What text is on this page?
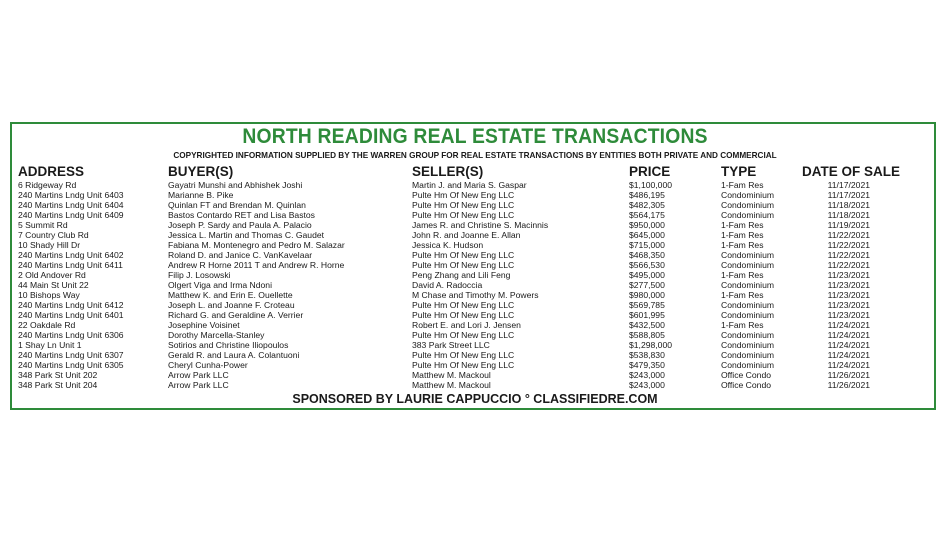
NORTH READING REAL ESTATE TRANSACTIONS
COPYRIGHTED INFORMATION SUPPLIED BY THE WARREN GROUP FOR REAL ESTATE TRANSACTIONS BY ENTITIES BOTH PRIVATE AND COMMERCIAL
ADDRESS	BUYER(S)	SELLER(S)	PRICE	TYPE	DATE OF SALE
6 Ridgeway Rd	Gayatri Munshi and Abhishek Joshi	Martin J. and Maria S. Gaspar	$1,100,000	1-Fam Res	11/17/2021
240 Martins Lndg Unit 6403	Marianne B. Pike	Pulte Hm Of New Eng LLC	$486,195	Condominium	11/17/2021
240 Martins Lndg Unit 6404	Quinlan FT and Brendan M. Quinlan	Pulte Hm Of New Eng LLC	$482,305	Condominium	11/18/2021
240 Martins Lndg Unit 6409	Bastos Contardo RET and Lisa Bastos	Pulte Hm Of New Eng LLC	$564,175	Condominium	11/18/2021
5 Summit Rd	Joseph P. Sardy and Paula A. Palacio	James R. and Christine S. Macinnis	$950,000	1-Fam Res	11/19/2021
7 Country Club Rd	Jessica L. Martin and Thomas C. Gaudet	John R. and Joanne E. Allan	$645,000	1-Fam Res	11/22/2021
10 Shady Hill Dr	Fabiana M. Montenegro and Pedro M. Salazar	Jessica K. Hudson	$715,000	1-Fam Res	11/22/2021
240 Martins Lndg Unit 6402	Roland D. and Janice C. VanKavelaar	Pulte Hm Of New Eng LLC	$468,350	Condominium	11/22/2021
240 Martins Lndg Unit 6411	Andrew R Horne 2011 T and Andrew R. Horne	Pulte Hm Of New Eng LLC	$566,530	Condominium	11/22/2021
2 Old Andover Rd	Filip J. Losowski	Peng Zhang and Lili Feng	$495,000	1-Fam Res	11/23/2021
44 Main St Unit 22	Olgert Viga and Irma Ndoni	David A. Radoccia	$277,500	Condominium	11/23/2021
10 Bishops Way	Matthew K. and Erin E. Ouellette	M Chase and Timothy M. Powers	$980,000	1-Fam Res	11/23/2021
240 Martins Lndg Unit 6412	Joseph L. and Joanne F. Croteau	Pulte Hm Of New Eng LLC	$569,785	Condominium	11/23/2021
240 Martins Lndg Unit 6401	Richard G. and Geraldine A. Verrier	Pulte Hm Of New Eng LLC	$601,995	Condominium	11/23/2021
22 Oakdale Rd	Josephine Voisinet	Robert E. and Lori J. Jensen	$432,500	1-Fam Res	11/24/2021
240 Martins Lndg Unit 6306	Dorothy Marcella-Stanley	Pulte Hm Of New Eng LLC	$588,805	Condominium	11/24/2021
1 Shay Ln Unit 1	Sotirios and Christine Iliopoulos	383 Park Street LLC	$1,298,000	Condominium	11/24/2021
240 Martins Lndg Unit 6307	Gerald R. and Laura A. Colantuoni	Pulte Hm Of New Eng LLC	$538,830	Condominium	11/24/2021
240 Martins Lndg Unit 6305	Cheryl Cunha-Power	Pulte Hm Of New Eng LLC	$479,350	Condominium	11/24/2021
348 Park St Unit 202	Arrow Park LLC	Matthew M. Mackoul	$243,000	Office Condo	11/26/2021
348 Park St Unit 204	Arrow Park LLC	Matthew M. Mackoul	$243,000	Office Condo	11/26/2021
SPONSORED BY LAURIE CAPPUCCIO ° CLASSIFIEDRE.COM
